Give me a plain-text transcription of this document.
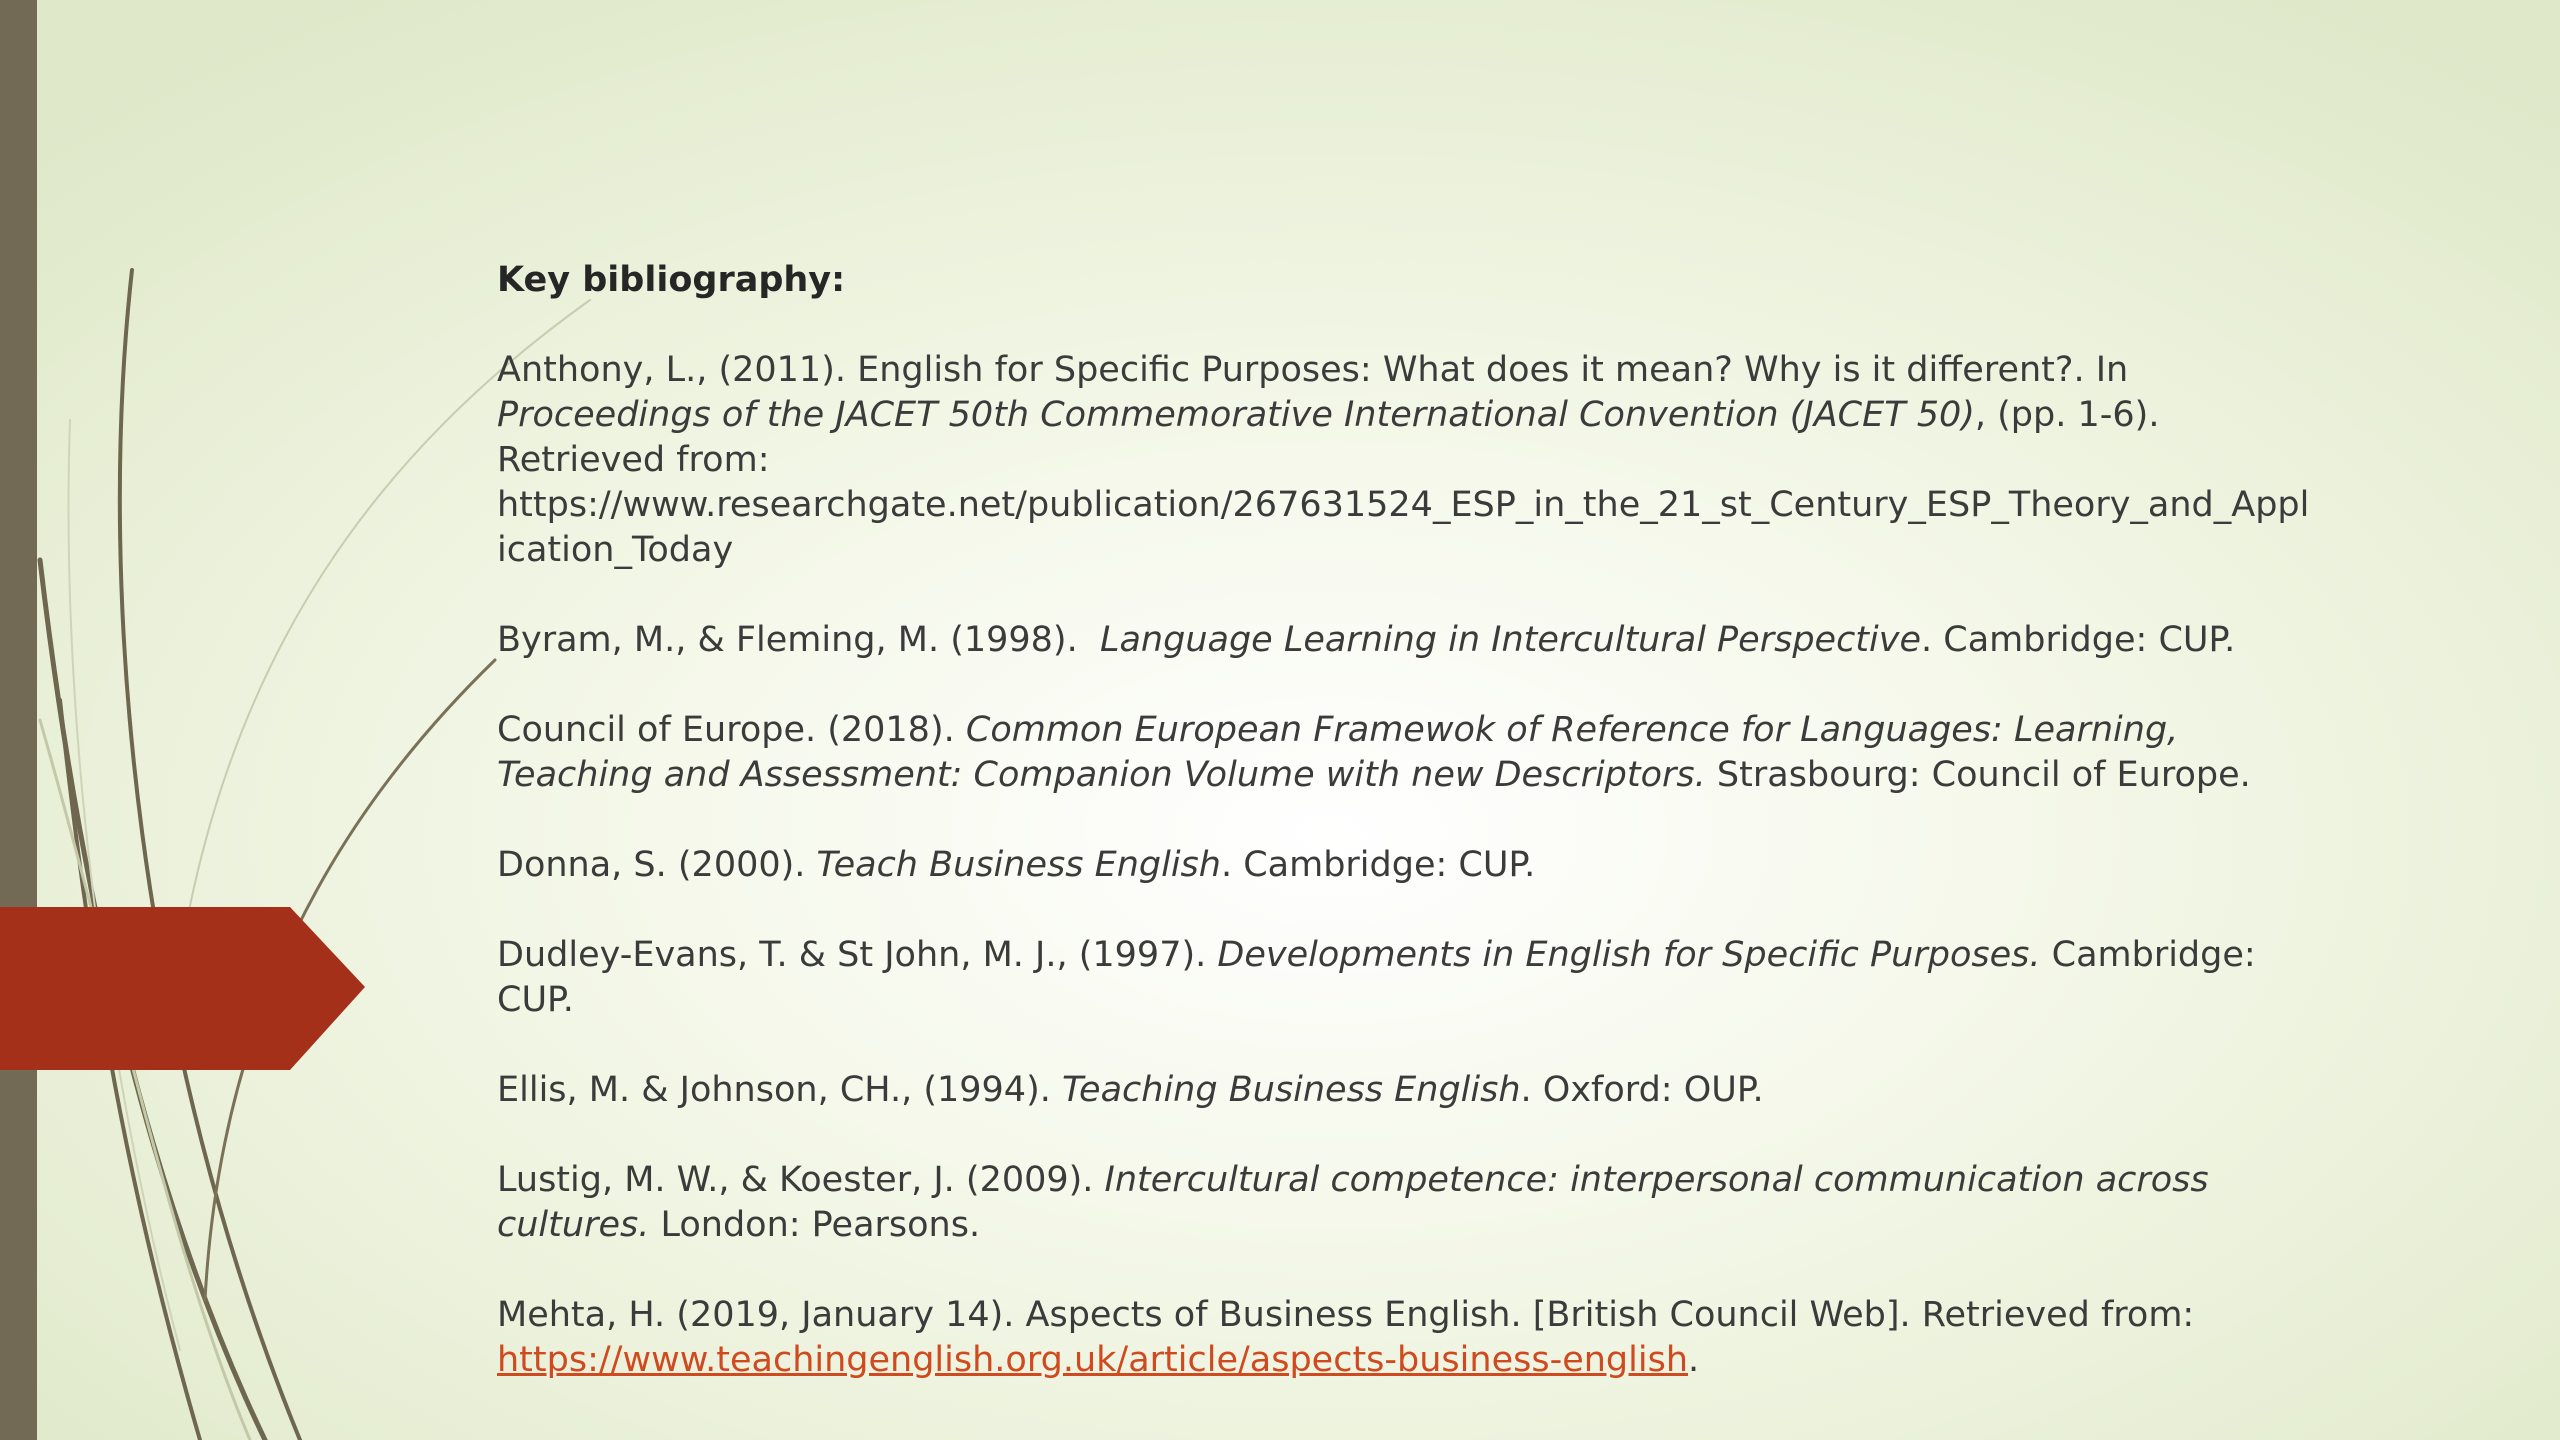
Key bibliography:
Anthony, L., (2011). English for Specific Purposes: What does it mean? Why is it different?. In
Proceedings of the JACET 50th Commemorative International Convention (JACET 50), (pp. 1-6).
Retrieved from:
https://www.researchgate.net/publication/267631524_ESP_in_the_21_st_Century_ESP_Theory_and_Application_Today
Byram, M., & Fleming, M. (1998).  Language Learning in Intercultural Perspective. Cambridge: CUP.
Council of Europe. (2018). Common European Framewok of Reference for Languages: Learning, Teaching and Assessment: Companion Volume with new Descriptors. Strasbourg: Council of Europe.
Donna, S. (2000). Teach Business English. Cambridge: CUP.
Dudley-Evans, T. & St John, M. J., (1997). Developments in English for Specific Purposes. Cambridge: CUP.
Ellis, M. & Johnson, CH., (1994). Teaching Business English. Oxford: OUP.
Lustig, M. W., & Koester, J. (2009). Intercultural competence: interpersonal communication across cultures. London: Pearsons.
Mehta, H. (2019, January 14). Aspects of Business English. [British Council Web]. Retrieved from:
https://www.teachingenglish.org.uk/article/aspects-business-english.
